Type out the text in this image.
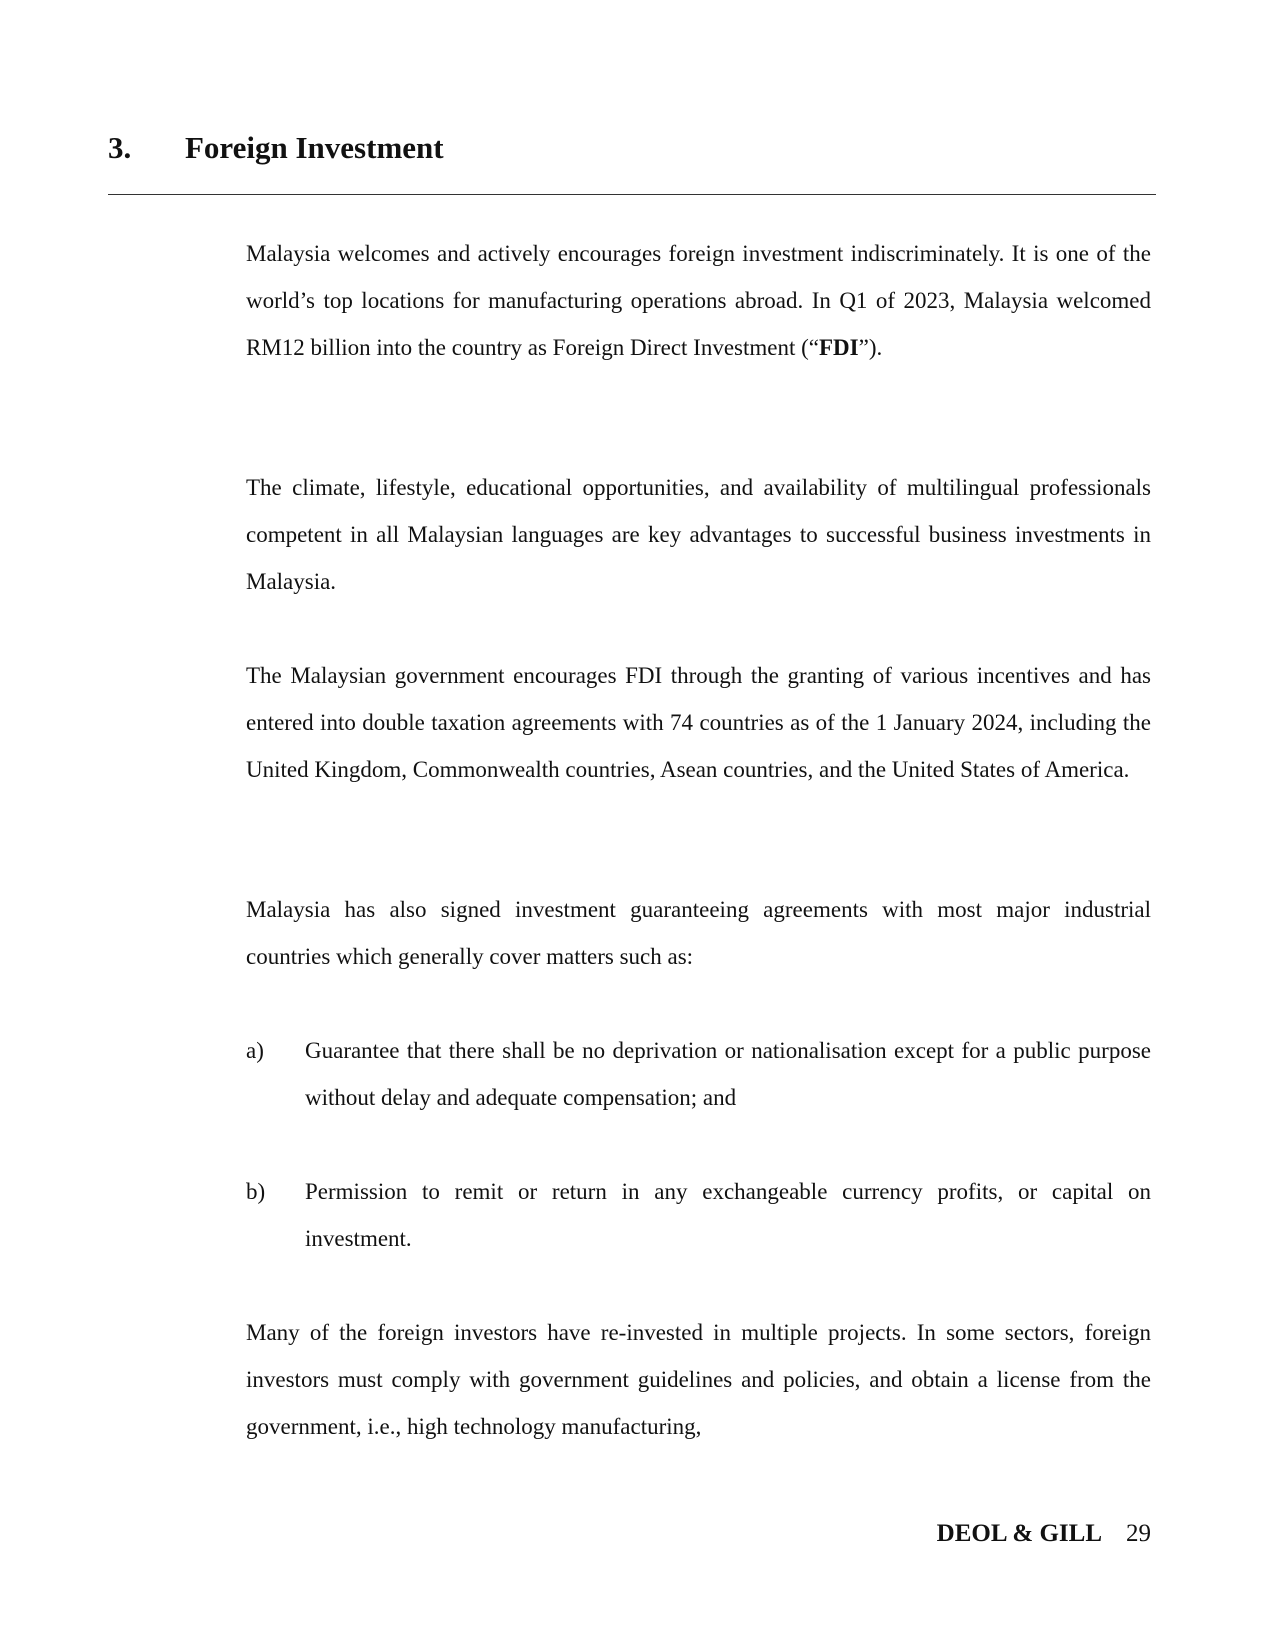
3. Foreign Investment

Malaysia welcomes and actively encourages foreign investment indiscriminately. It is one of the world’s top locations for manufacturing operations abroad. In Q1 of 2023, Malaysia welcomed RM12 billion into the country as Foreign Direct Investment (“FDI”).

The climate, lifestyle, educational opportunities, and availability of multilingual professionals competent in all Malaysian languages are key advantages to successful business investments in Malaysia.

The Malaysian government encourages FDI through the granting of various incentives and has entered into double taxation agreements with 74 countries as of the 1 January 2024, including the United Kingdom, Commonwealth countries, Asean countries, and the United States of America.

Malaysia has also signed investment guaranteeing agreements with most major industrial countries which generally cover matters such as:

a) Guarantee that there shall be no deprivation or nationalisation except for a public purpose without delay and adequate compensation; and
b) Permission to remit or return in any exchangeable currency profits, or capital on investment.

Many of the foreign investors have re-invested in multiple projects. In some sectors, foreign investors must comply with government guidelines and policies, and obtain a license from the government, i.e., high technology manufacturing,

DEOL & GILL 29
